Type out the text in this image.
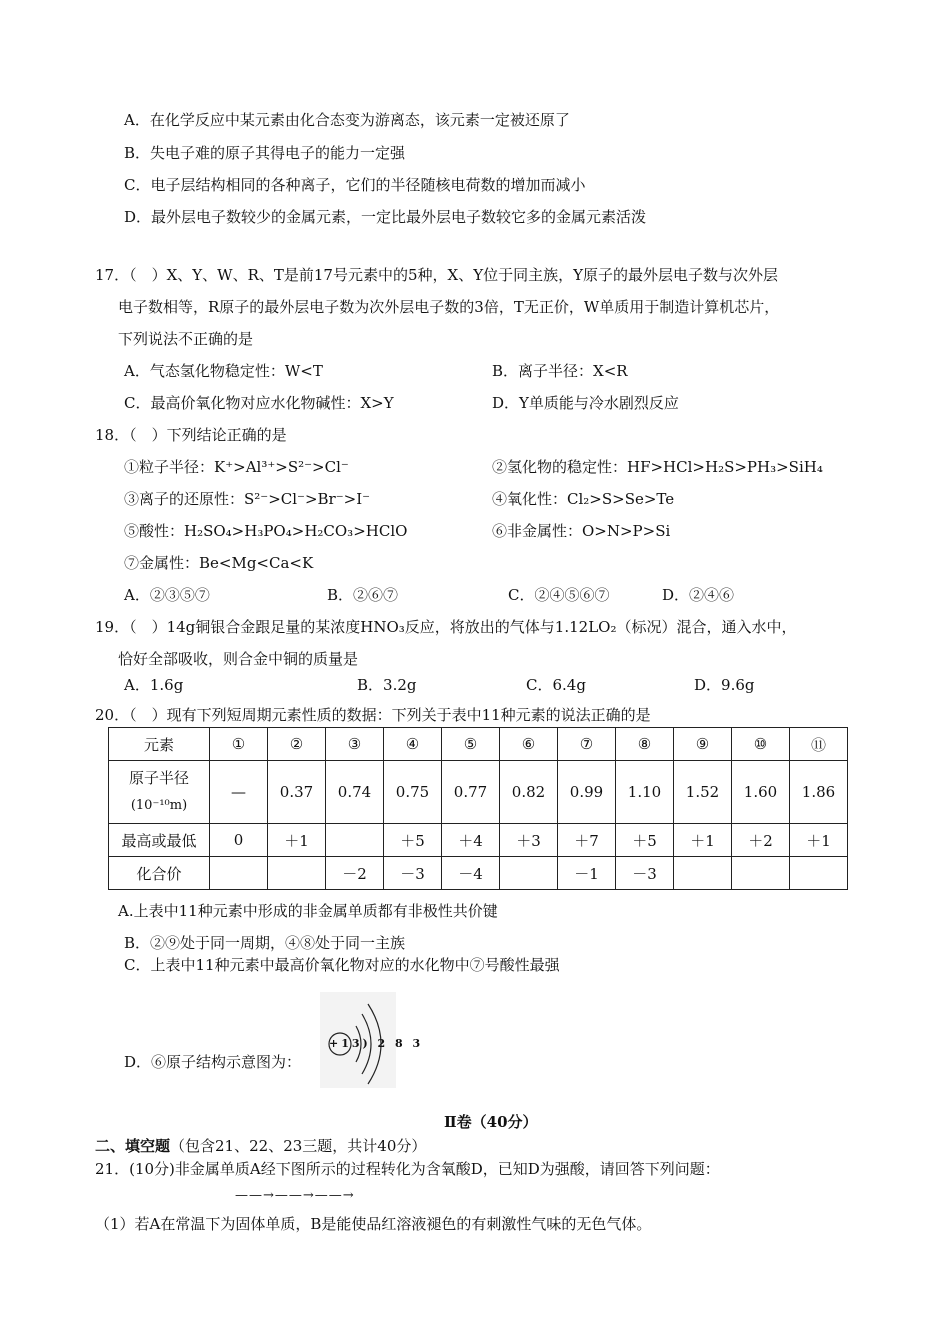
A．在化学反应中某元素由化合态变为游离态，该元素一定被还原了
B．失电子难的原子其得电子的能力一定强
C．电子层结构相同的各种离子，它们的半径随核电荷数的增加而减小
D．最外层电子数较少的金属元素，一定比最外层电子数较它多的金属元素活泼
17．（　）X、Y、W、R、T是前17号元素中的5种，X、Y位于同主族，Y原子的最外层电子数与次外层
电子数相等，R原子的最外层电子数为次外层电子数的3倍，T无正价，W单质用于制造计算机芯片，
下列说法不正确的是
A．气态氢化物稳定性：W<T	B．离子半径：X<R
C．最高价氧化物对应水化物碱性：X>Y	D．Y单质能与冷水剧烈反应
18．（　）下列结论正确的是
①粒子半径：K⁺>Al³⁺>S²⁻>Cl⁻	②氢化物的稳定性：HF>HCl>H₂S>PH₃>SiH₄
③离子的还原性：S²⁻>Cl⁻>Br⁻>I⁻	④氧化性：Cl₂>S>Se>Te
⑤酸性：H₂SO₄>H₃PO₄>H₂CO₃>HClO	⑥非金属性：O>N>P>Si
⑦金属性：Be<Mg<Ca<K
A．②③⑤⑦	B．②⑥⑦	C．②④⑤⑥⑦	D．②④⑥
19．（　）14g铜银合金跟足量的某浓度HNO₃反应，将放出的气体与1.12LO₂（标况）混合，通入水中，
恰好全部吸收，则合金中铜的质量是
A．1.6g	B．3.2g	C．6.4g	D．9.6g
20．（　）现有下列短周期元素性质的数据：下列关于表中11种元素的说法正确的是
元素	①	②	③	④	⑤	⑥	⑦	⑧	⑨	⑩	⑪
原子半径
(10⁻¹⁰m)	—	0.37	0.74	0.75	0.77	0.82	0.99	1.10	1.52	1.60	1.86
最高或最低	0	＋1		＋5	＋4	＋3	＋7	＋5	＋1	＋2	＋1
化合价			－2	－3	－4		－1	－3			
A.上表中11种元素中形成的非金属单质都有非极性共价键
B．②⑨处于同一周期，④⑧处于同一主族
C．上表中11种元素中最高价氧化物对应的水化物中⑦号酸性最强
D．⑥原子结构示意图为：
+13) 2 8 3
Ⅱ卷（40分）
二、填空题（包含21、22、23三题，共计40分）
21．(10分)非金属单质A经下图所示的过程转化为含氧酸D，已知D为强酸，请回答下列问题：
——→——→——→
（1）若A在常温下为固体单质，B是能使品红溶液褪色的有刺激性气味的无色气体。
